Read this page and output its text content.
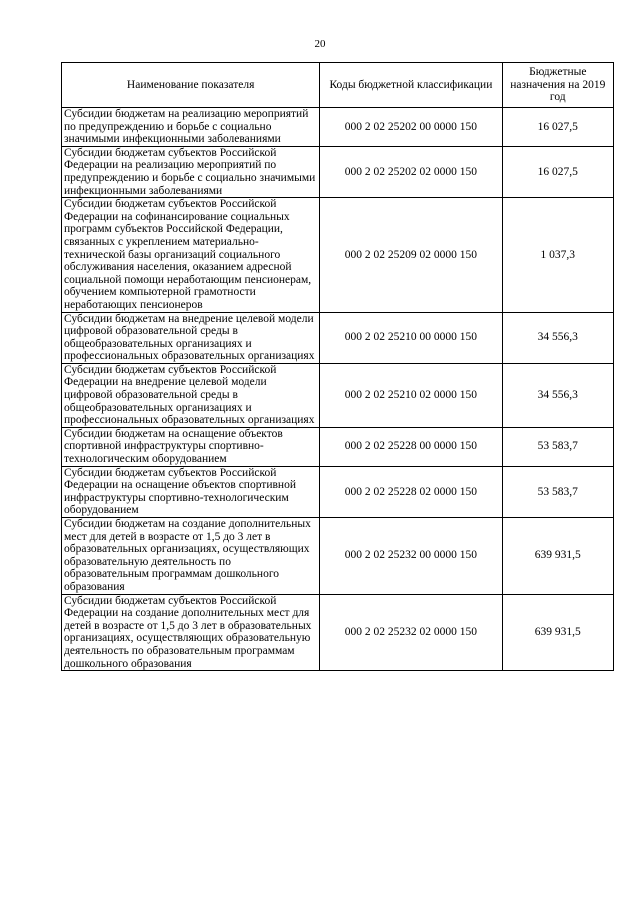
20
Наименование показателя	Коды бюджетной классификации	Бюджетные назначения на 2019 год
Субсидии бюджетам на реализацию мероприятий по предупреждению и борьбе с социально значимыми инфекционными заболеваниями	000 2 02 25202 00 0000 150	16 027,5
Субсидии бюджетам субъектов Российской Федерации на реализацию мероприятий по предупреждению и борьбе с социально значимыми инфекционными заболеваниями	000 2 02 25202 02 0000 150	16 027,5
Субсидии бюджетам субъектов Российской Федерации на софинансирование социальных программ субъектов Российской Федерации, связанных с укреплением материально-технической базы организаций социального обслуживания населения, оказанием адресной социальной помощи неработающим пенсионерам, обучением компьютерной грамотности неработающих пенсионеров	000 2 02 25209 02 0000 150	1 037,3
Субсидии бюджетам на внедрение целевой модели цифровой образовательной среды в общеобразовательных организациях и профессиональных образовательных организациях	000 2 02 25210 00 0000 150	34 556,3
Субсидии бюджетам субъектов Российской Федерации на внедрение целевой модели цифровой образовательной среды в общеобразовательных организациях и профессиональных образовательных организациях	000 2 02 25210 02 0000 150	34 556,3
Субсидии бюджетам на оснащение объектов спортивной инфраструктуры спортивно-технологическим оборудованием	000 2 02 25228 00 0000 150	53 583,7
Субсидии бюджетам субъектов Российской Федерации на оснащение объектов спортивной инфраструктуры спортивно-технологическим оборудованием	000 2 02 25228 02 0000 150	53 583,7
Субсидии бюджетам на создание дополнительных мест для детей в возрасте от 1,5 до 3 лет в образовательных организациях, осуществляющих образовательную деятельность по образовательным программам дошкольного образования	000 2 02 25232 00 0000 150	639 931,5
Субсидии бюджетам субъектов Российской Федерации на создание дополнительных мест для детей в возрасте от 1,5 до 3 лет в образовательных организациях, осуществляющих образовательную деятельность по образовательным программам дошкольного образования	000 2 02 25232 02 0000 150	639 931,5
